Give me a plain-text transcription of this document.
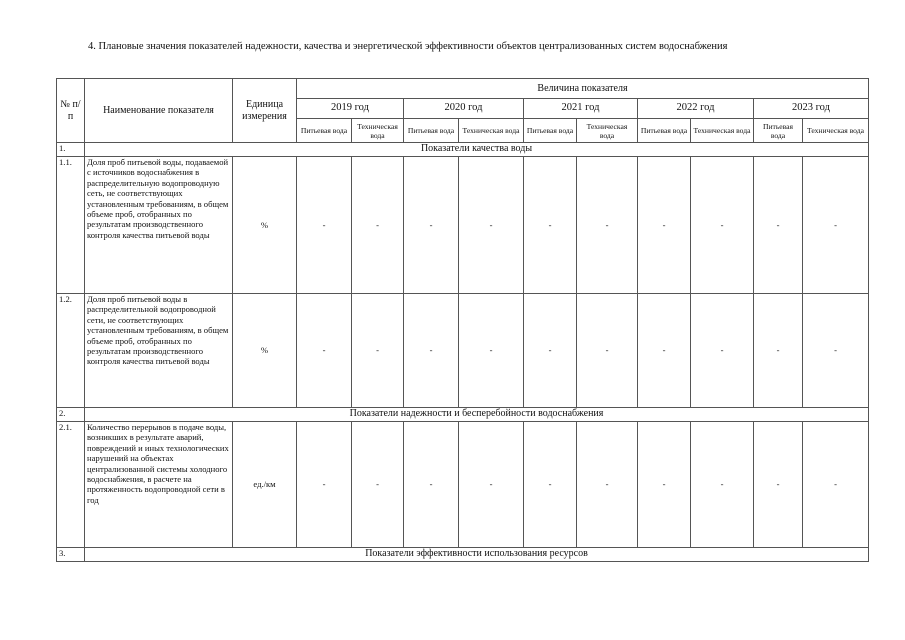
4. Плановые значения показателей надежности, качества и энергетической эффективности объектов централизованных систем водоснабжения
№ п/п	Наименование показателя	Единица измерения	Величина показателя									
			2019 год		2020 год		2021 год		2022 год		2023 год	
			Питьевая вода	Техническая вода	Питьевая вода	Техническая вода	Питьевая вода	Техническая вода	Питьевая вода	Техническая вода	Питьевая вода	Техническая вода
1.	Показатели качества воды											
1.1.	Доля проб питьевой воды, подаваемой с источников водоснабжения в распределительную водопроводную сеть, не соответствующих установленным требованиям, в общем объеме проб, отобранных по результатам производственного контроля качества питьевой воды	%	-	-	-	-	-	-	-	-	-	-
1.2.	Доля проб питьевой воды в распределительной водопроводной сети, не соответствующих установленным требованиям, в общем объеме проб, отобранных по результатам производственного контроля качества питьевой воды	%	-	-	-	-	-	-	-	-	-	-
2.	Показатели надежности и бесперебойности водоснабжения											
2.1.	Количество перерывов в подаче воды, возникших в результате аварий, повреждений и иных технологических нарушений на объектах централизованной системы холодного водоснабжения, в расчете на протяженность водопроводной сети в год	ед./км	-	-	-	-	-	-	-	-	-	-
3.	Показатели эффективности использования ресурсов											
